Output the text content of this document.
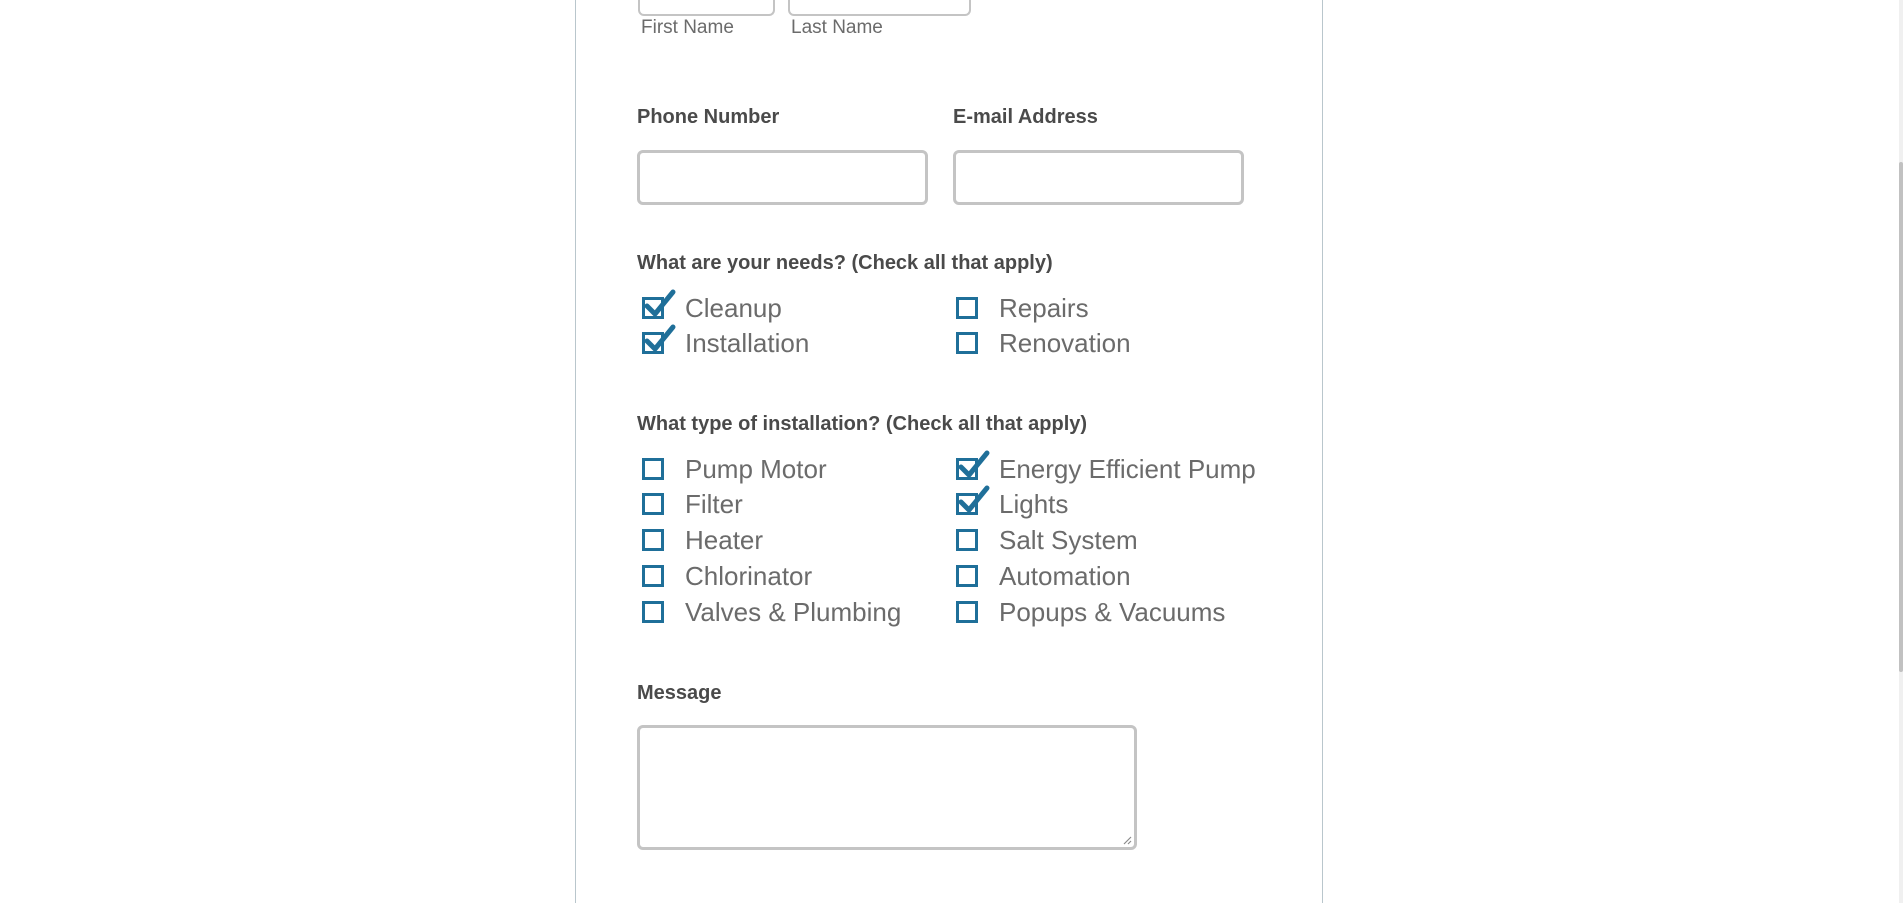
First Name	Last Name
Phone Number	E-mail Address
What are your needs? (Check all that apply)
Cleanup
Installation
Repairs
Renovation
What type of installation? (Check all that apply)
Pump Motor
Filter
Heater
Chlorinator
Valves & Plumbing
Energy Efficient Pump
Lights
Salt System
Automation
Popups & Vacuums
Message
